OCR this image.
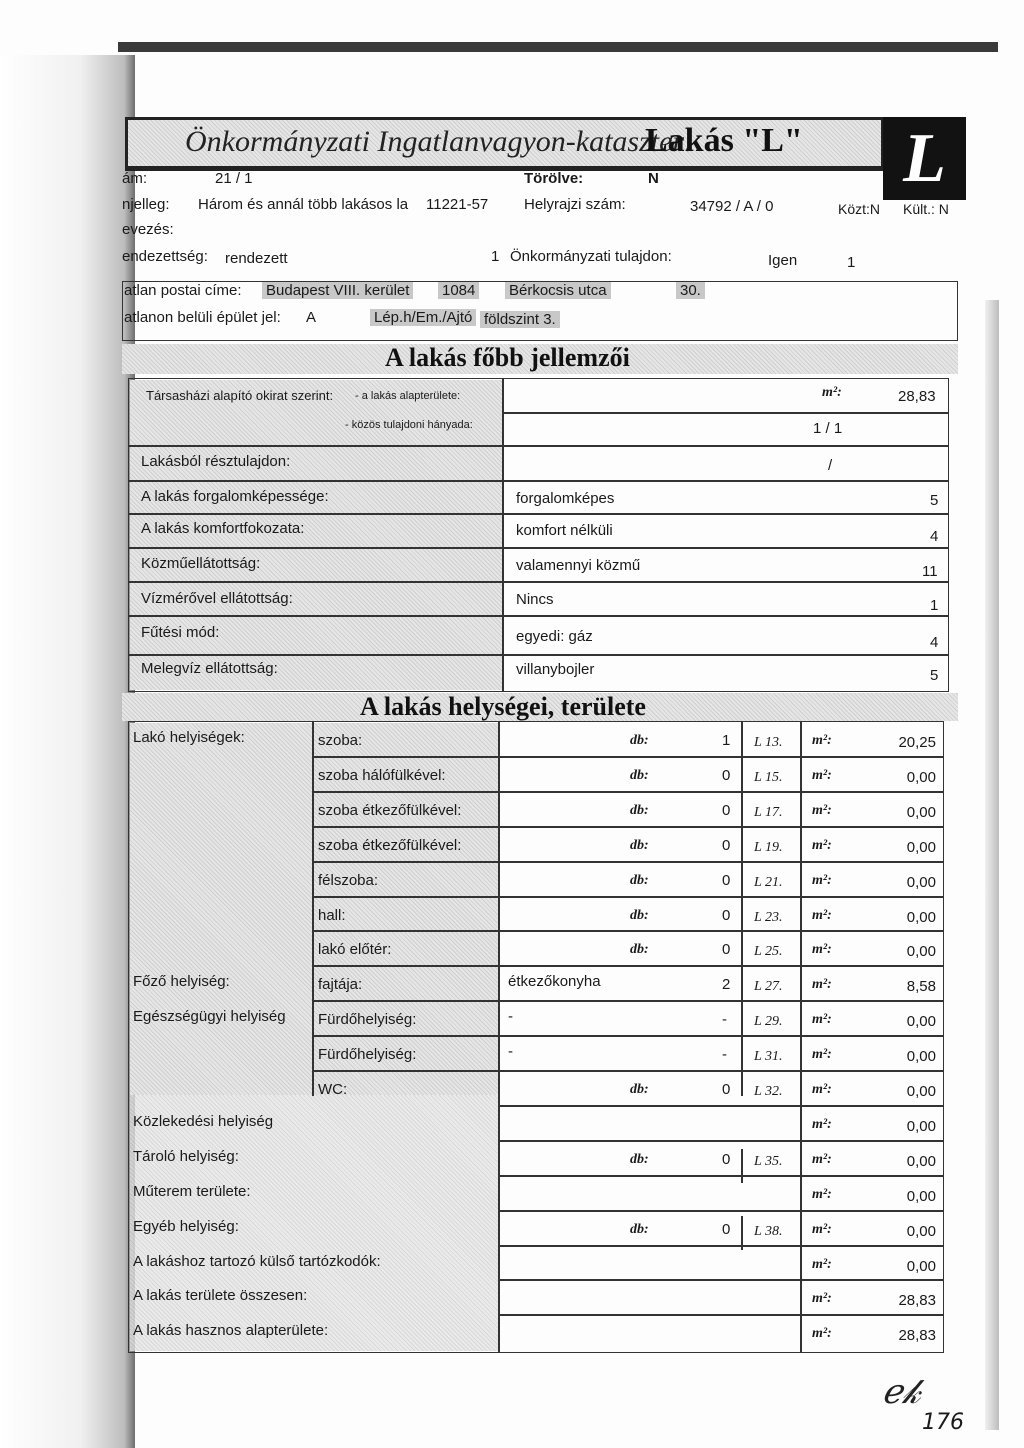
Önkormányzati Ingatlanvagyon-kataszter:
Lakás "L" L
ám:	21 / 1	Törölve:	N
njelleg: Három és annál több lakásos la 11221-57 Helyrajzi szám:	34792 / A / 0	Közt:N Kült.: N
evezés:
endezettség: rendezett	1 Önkormányzati tulajdon:	Igen	1
atlan postai címe: Budapest VIII. kerület 1084 Bérkocsis utca	30.
atlanon belüli épület jel: A	Lép.h/Em./Ajtó földszint 3.
A lakás főbb jellemzői
Társasházi alapító okirat szerint: - a lakás alapterülete:	m²:	28,83
- közös tulajdoni hányada:	1 / 1
Lakásból résztulajdon:	/
A lakás forgalomképessége:	forgalomképes	5
A lakás komfortfokozata:	komfort nélküli	4
Közműellátottság:	valamennyi közmű	11
Vízmérővel ellátottság:	Nincs	1
Fűtési mód:	egyedi: gáz	4
Melegvíz ellátottság:	villanybojler	5
A lakás helységei, területe
Lakó helyiségek:	szoba:	db:	1 L 13. m²:	20,25
szoba hálófülkével:	db:	0 L 15. m²:	0,00
szoba étkezőfülkével:	db:	0 L 17. m²:	0,00
szoba étkezőfülkével:	db:	0 L 19. m²:	0,00
félszoba:	db:	0 L 21. m²:	0,00
hall:	db:	0 L 23. m²:	0,00
lakó előtér:	db:	0 L 25. m²:	0,00
Főző helyiség:	fajtája:	étkezőkonyha	2 L 27. m²:	8,58
Egészségügyi helyiség Fürdőhelyiség:	-	- L 29. m²:	0,00
Fürdőhelyiség:	-	- L 31. m²:	0,00
WC:	db:	0 L 32. m²:	0,00
Közlekedési helyiség	m²:	0,00
Tároló helyiség:	db:	0 L 35. m²:	0,00
Műterem területe:	m²:	0,00
Egyéb helyiség:	db:	0 L 38. m²:	0,00
A lakáshoz tartozó külső tartózkodók:	m²:	0,00
A lakás területe összesen:	m²:	28,83
A lakás hasznos alapterülete:	m²:	28,83
ℯ𝓀
176
